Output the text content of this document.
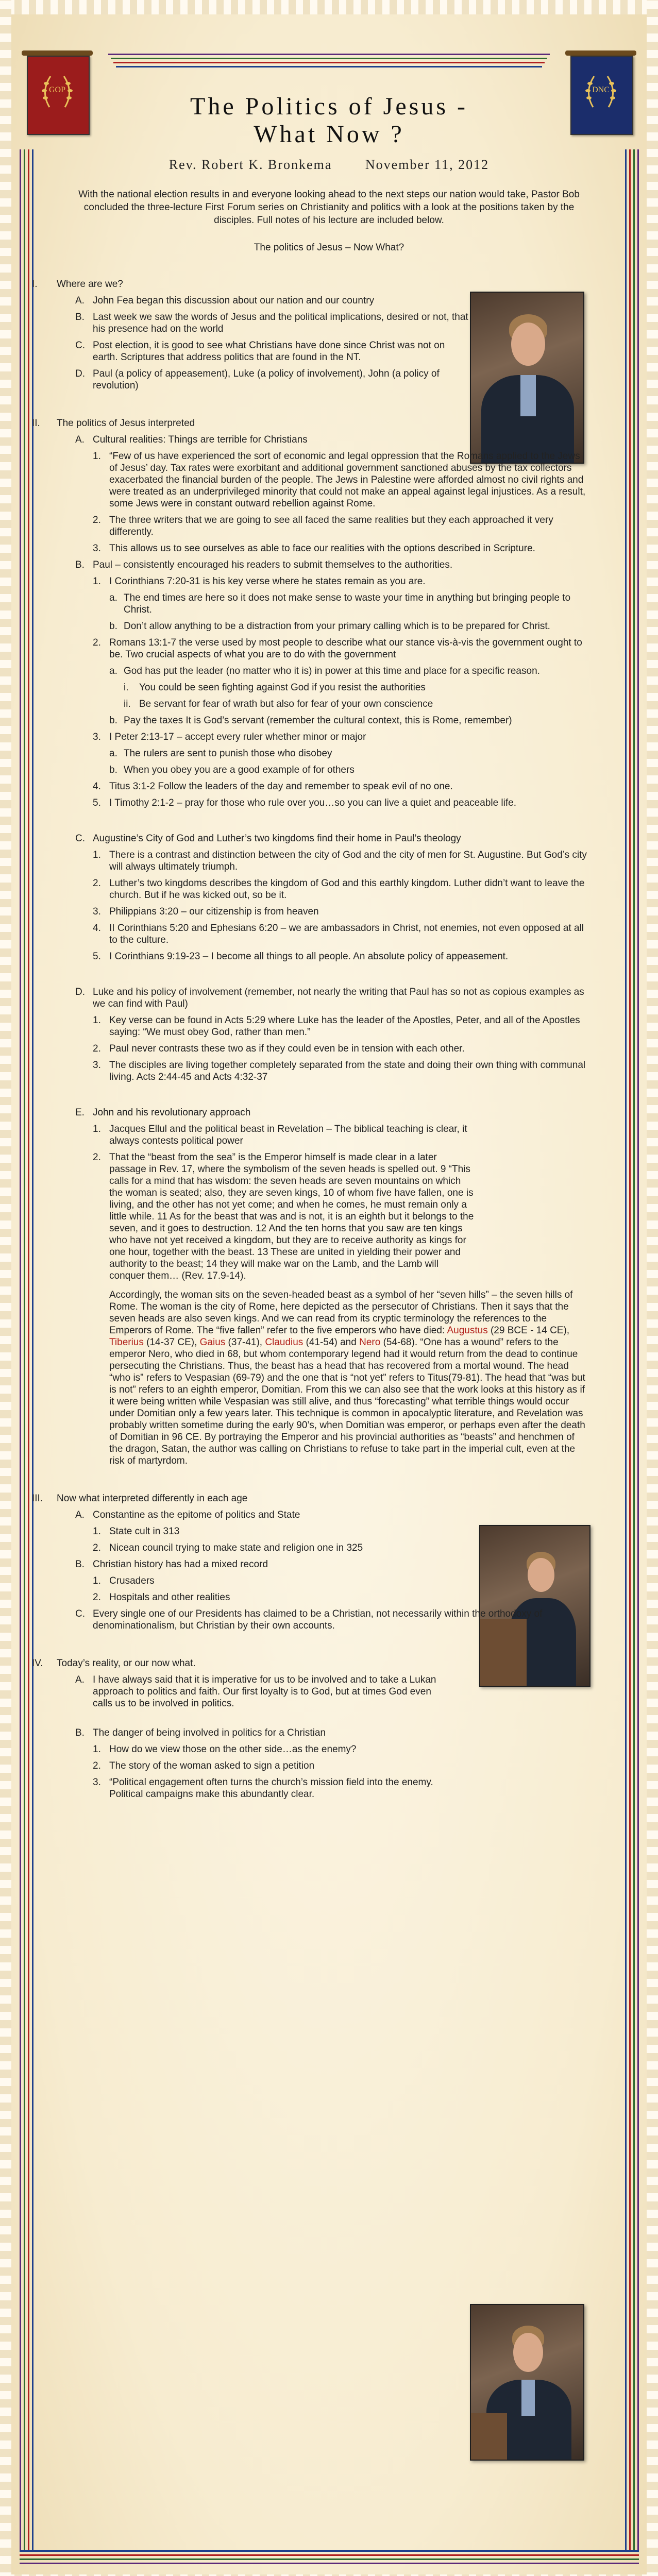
GOP	DNC
The Politics of Jesus -
What Now ?
Rev. Robert K. Bronkema November 11, 2012
With the national election results in and everyone looking ahead to the next steps our nation would take, Pastor Bob concluded the three-lecture First Forum series on Christianity and politics with a look at the positions taken by the disciples. Full notes of his lecture are included below.
The politics of Jesus – Now What?
I.	Where are we?
A. John Fea began this discussion about our nation and our country
B. Last week we saw the words of Jesus and the political implications, desired or not, that his presence had on the world
C. Post election, it is good to see what Christians have done since Christ was not on earth. Scriptures that address politics that are found in the NT.
D. Paul (a policy of appeasement), Luke (a policy of involvement), John (a policy of revolution)
II.	The politics of Jesus interpreted
A. Cultural realities: Things are terrible for Christians
1. “Few of us have experienced the sort of economic and legal oppression that the Romans applied to the Jews of Jesus’ day. Tax rates were exorbitant and additional government sanctioned abuses by the tax collectors exacerbated the financial burden of the people. The Jews in Palestine were afforded almost no civil rights and were treated as an underprivileged minority that could not make an appeal against legal injustices. As a result, some Jews were in constant outward rebellion against Rome.
2. The three writers that we are going to see all faced the same realities but they each approached it very differently.
3. This allows us to see ourselves as able to face our realities with the options described in Scripture.
B. Paul – consistently encouraged his readers to submit themselves to the authorities.
1. I Corinthians 7:20-31 is his key verse where he states remain as you are.
a. The end times are here so it does not make sense to waste your time in anything but bringing people to Christ.
b. Don’t allow anything to be a distraction from your primary calling which is to be prepared for Christ.
2. Romans 13:1-7 the verse used by most people to describe what our stance vis-à-vis the government ought to be. Two crucial aspects of what you are to do with the government
a. God has put the leader (no matter who it is) in power at this time and place for a specific reason.
i.	You could be seen fighting against God if you resist the authorities
ii. Be servant for fear of wrath but also for fear of your own conscience
b. Pay the taxes It is God’s servant (remember the cultural context, this is Rome, remember)
3. I Peter 2:13-17 – accept every ruler whether minor or major
a. The rulers are sent to punish those who disobey
b. When you obey you are a good example of for others
4. Titus 3:1-2 Follow the leaders of the day and remember to speak evil of no one.
5. I Timothy 2:1-2 – pray for those who rule over you…so you can live a quiet and peaceable life.
C. Augustine’s City of God and Luther’s two kingdoms find their home in Paul’s theology
1. There is a contrast and distinction between the city of God and the city of men for St. Augustine. But God’s city will always ultimately triumph.
2. Luther’s two kingdoms describes the kingdom of God and this earthly kingdom. Luther didn’t want to leave the church. But if he was kicked out, so be it.
3. Philippians 3:20 – our citizenship is from heaven
4. II Corinthians 5:20 and Ephesians 6:20 – we are ambassadors in Christ, not enemies, not even opposed at all to the culture.
5. I Corinthians 9:19-23 – I become all things to all people. An absolute policy of appeasement.
D. Luke and his policy of involvement (remember, not nearly the writing that Paul has so not as copious examples as we can find with Paul)
1. Key verse can be found in Acts 5:29 where Luke has the leader of the Apostles, Peter, and all of the Apostles saying: “We must obey God, rather than men.”
2. Paul never contrasts these two as if they could even be in tension with each other.
3. The disciples are living together completely separated from the state and doing their own thing with communal living. Acts 2:44-45 and Acts 4:32-37
E. John and his revolutionary approach
1. Jacques Ellul and the political beast in Revelation – The biblical teaching is clear, it always contests political power
2. That the “beast from the sea” is the Emperor himself is made clear in a later passage in Rev. 17, where the symbolism of the seven heads is spelled out. 9 “This calls for a mind that has wisdom: the seven heads are seven mountains on which the woman is seated; also, they are seven kings, 10 of whom five have fallen, one is living, and the other has not yet come; and when he comes, he must remain only a little while. 11 As for the beast that was and is not, it is an eighth but it belongs to the seven, and it goes to destruction. 12 And the ten horns that you saw are ten kings who have not yet received a kingdom, but they are to receive authority as kings for one hour, together with the beast. 13 These are united in yielding their power and authority to the beast; 14 they will make war on the Lamb, and the Lamb will conquer them… (Rev. 17.9-14).
Accordingly, the woman sits on the seven-headed beast as a symbol of her “seven hills” – the seven hills of Rome. The woman is the city of Rome, here depicted as the persecutor of Christians. Then it says that the seven heads are also seven kings. And we can read from its cryptic terminology the references to the Emperors of Rome. The “five fallen” refer to the five emperors who have died: Augustus (29 BCE - 14 CE), Tiberius (14-37 CE), Gaius (37-41), Claudius (41-54) and Nero (54-68). “One has a wound” refers to the emperor Nero, who died in 68, but whom contemporary legend had it would return from the dead to continue persecuting the Christians. Thus, the beast has a head that has recovered from a mortal wound. The head “who is” refers to Vespasian (69-79) and the one that is “not yet” refers to Titus(79-81). The head that “was but is not” refers to an eighth emperor, Domitian. From this we can also see that the work looks at this history as if it were being written while Vespasian was still alive, and thus “forecasting” what terrible things would occur under Domitian only a few years later. This technique is common in apocalyptic literature, and Revelation was probably written sometime during the early 90’s, when Domitian was emperor, or perhaps even after the death of Domitian in 96 CE. By portraying the Emperor and his provincial authorities as “beasts” and henchmen of the dragon, Satan, the author was calling on Christians to refuse to take part in the imperial cult, even at the risk of martyrdom.
III.	Now what interpreted differently in each age
A. Constantine as the epitome of politics and State
1. State cult in 313
2. Nicean council trying to make state and religion one in 325
B. Christian history has had a mixed record
1. Crusaders
2. Hospitals and other realities
C. Every single one of our Presidents has claimed to be a Christian, not necessarily within the orthodoxy of denominationalism, but Christian by their own accounts.
IV.	Today’s reality, or our now what.
A. I have always said that it is imperative for us to be involved and to take a Lukan approach to politics and faith. Our first loyalty is to God, but at times God even calls us to be involved in politics.
B. The danger of being involved in politics for a Christian
1. How do we view those on the other side…as the enemy?
2. The story of the woman asked to sign a petition
3. “Political engagement often turns the church’s mission field into the enemy. Political campaigns make this abundantly clear.
